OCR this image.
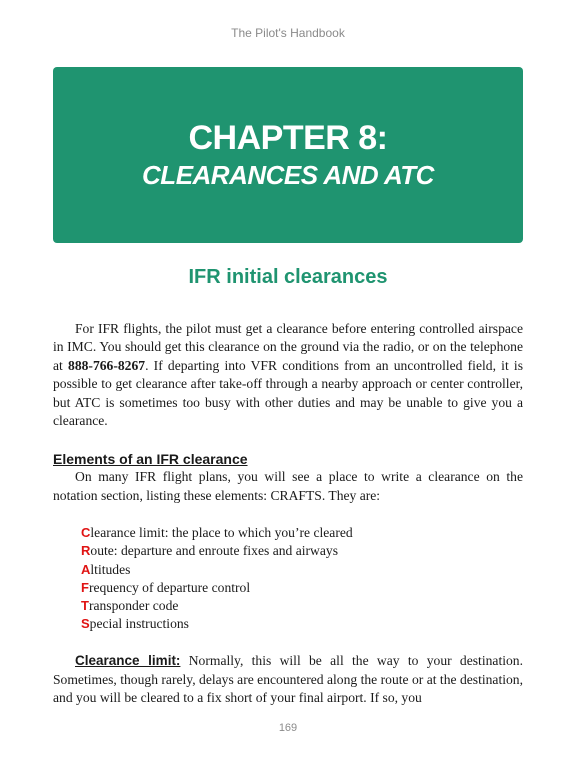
The Pilot's Handbook
CHAPTER 8:
CLEARANCES AND ATC
IFR initial clearances

For IFR flights, the pilot must get a clearance before entering controlled airspace in IMC. You should get this clearance on the ground via the radio, or on the telephone at 888-766-8267. If departing into VFR conditions from an uncontrolled field, it is possible to get clearance after take-off through a nearby approach or center controller, but ATC is sometimes too busy with other duties and may be unable to give you a clearance.

Elements of an IFR clearance

On many IFR flight plans, you will see a place to write a clearance on the notation section, listing these elements: CRAFTS. They are:

Clearance limit: the place to which you’re cleared
Route: departure and enroute fixes and airways
Altitudes
Frequency of departure control
Transponder code
Special instructions

Clearance limit: Normally, this will be all the way to your destination. Sometimes, though rarely, delays are encountered along the route or at the destination, and you will be cleared to a fix short of your final airport. If so, you

169
